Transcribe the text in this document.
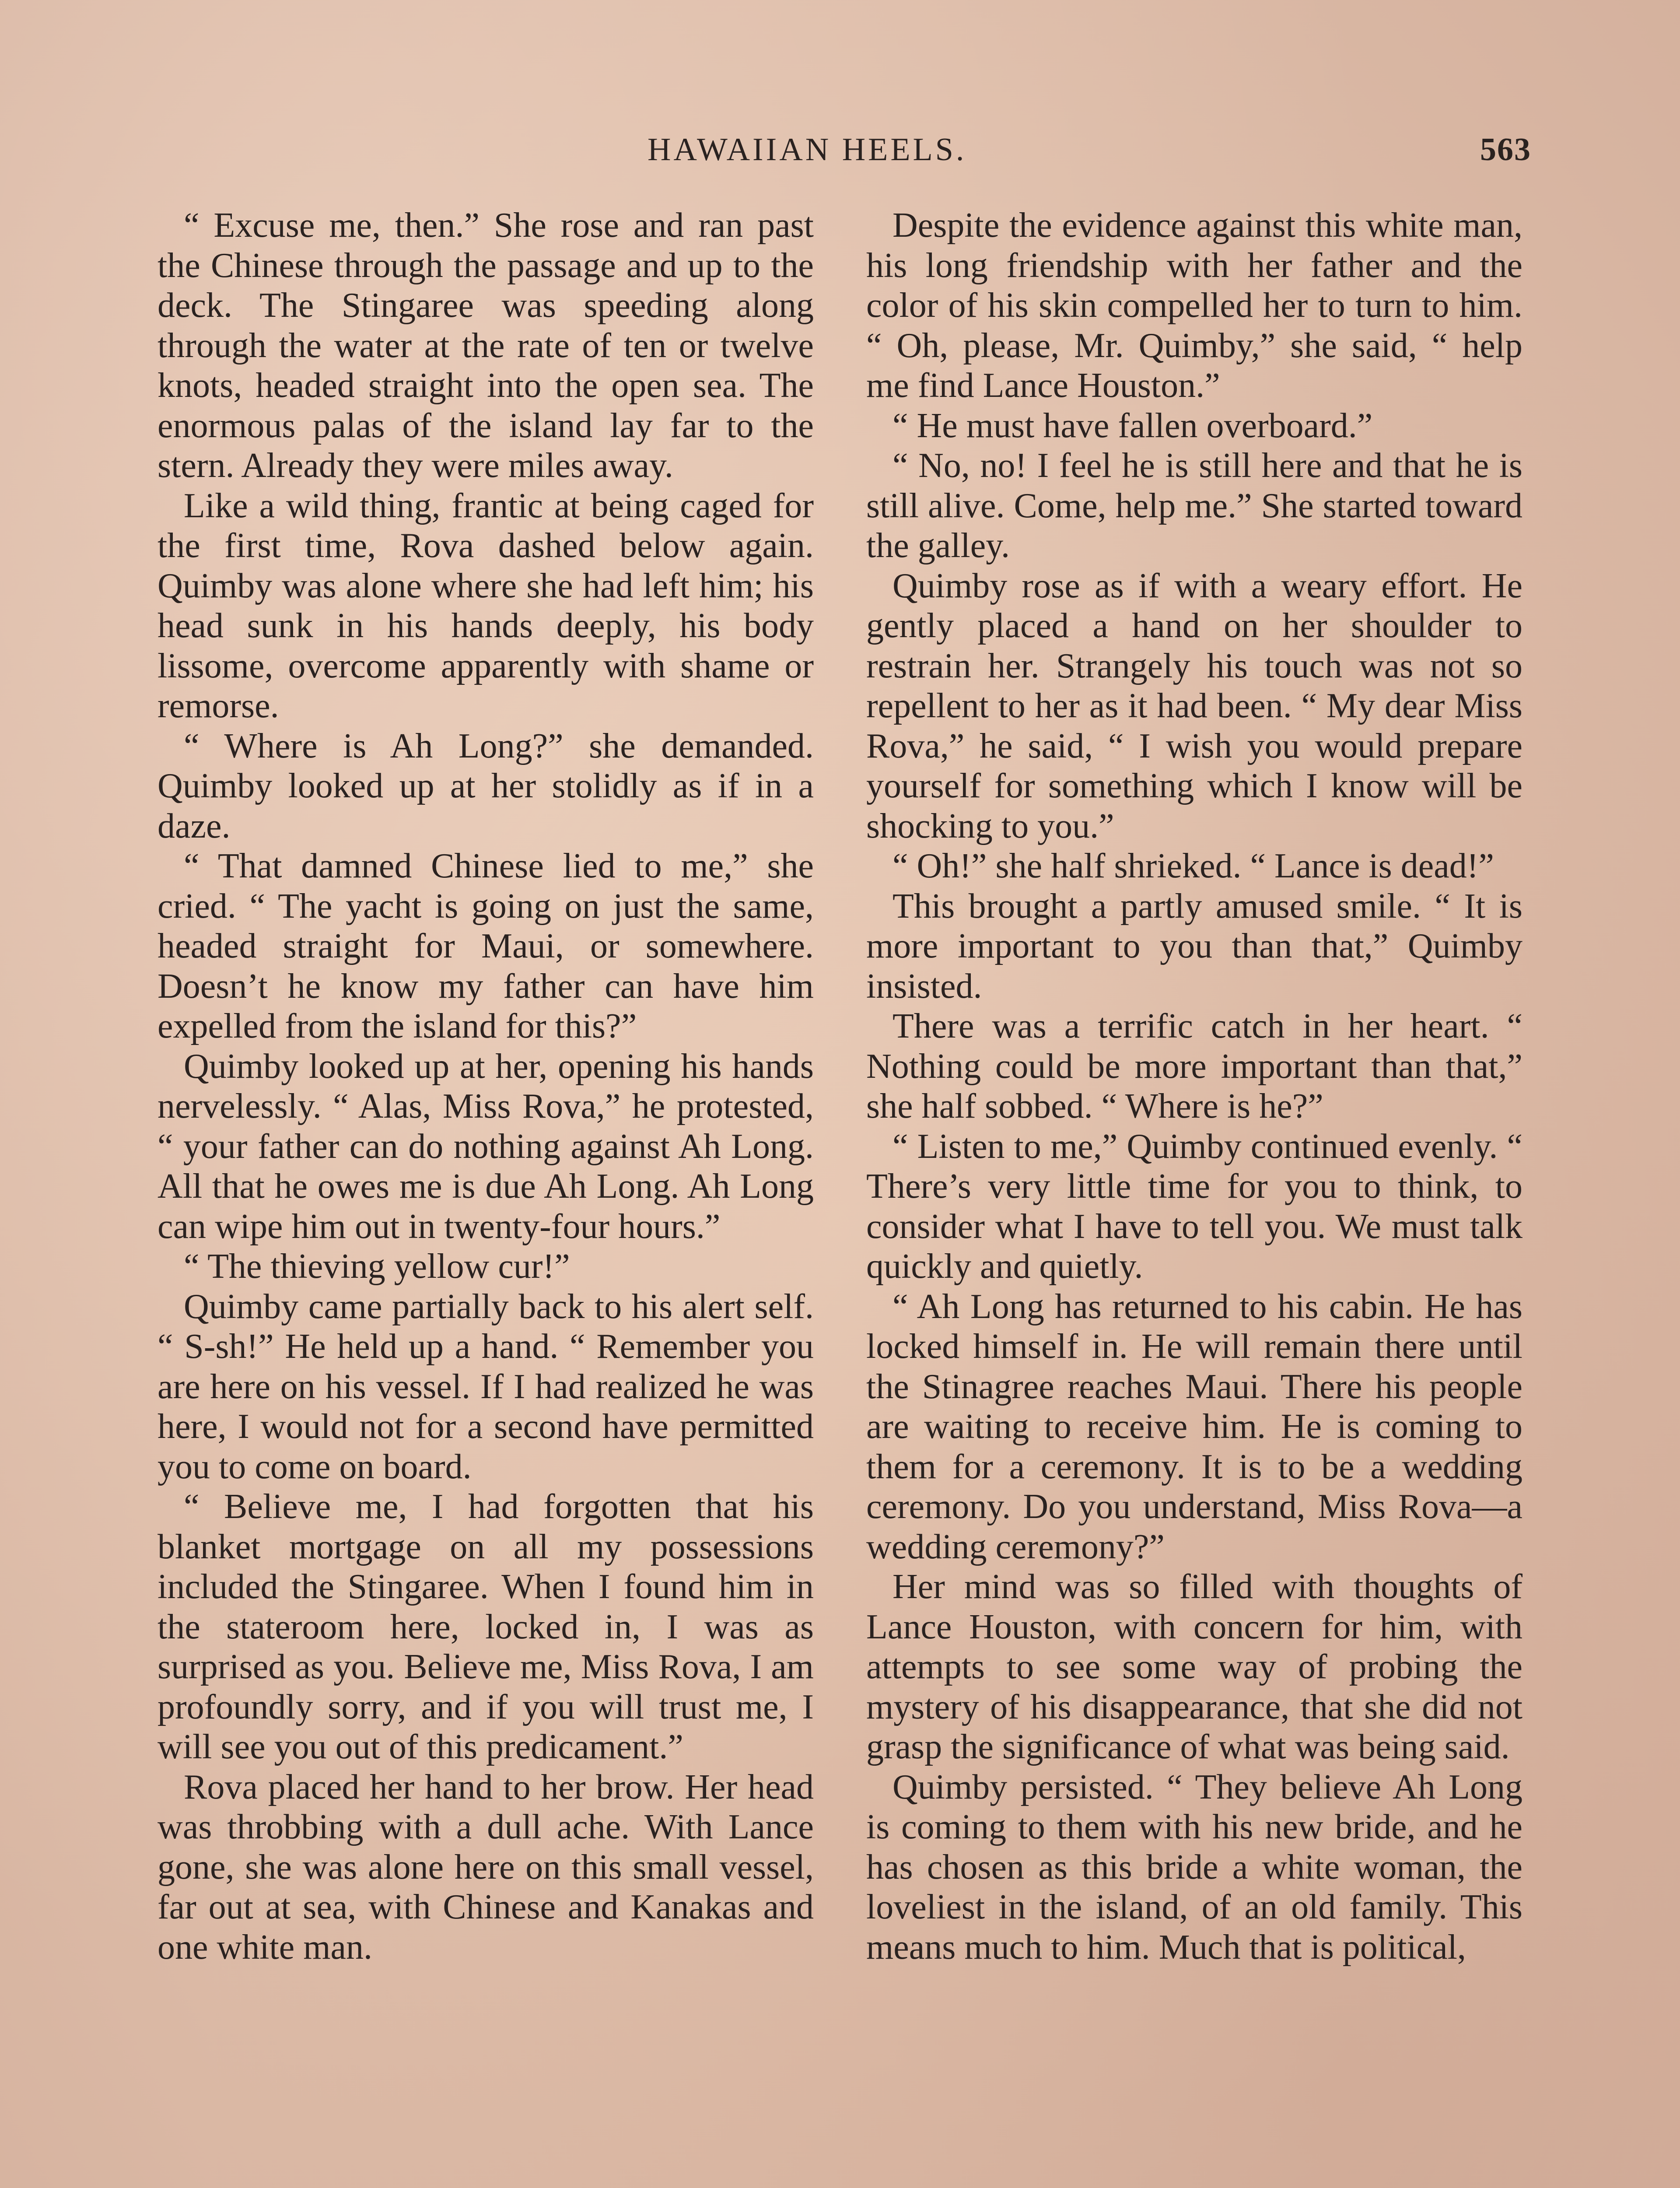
HAWAIIAN HEELS.	563

“ Excuse me, then.” She rose and ran past the Chinese through the passage and up to the deck. The Stingaree was speeding along through the water at the rate of ten or twelve knots, headed straight into the open sea. The enormous palas of the island lay far to the stern. Already they were miles away.

Like a wild thing, frantic at being caged for the first time, Rova dashed below again. Quimby was alone where she had left him; his head sunk in his hands deeply, his body lissome, overcome apparently with shame or remorse.

“ Where is Ah Long?” she demanded. Quimby looked up at her stolidly as if in a daze.

“ That damned Chinese lied to me,” she cried. “ The yacht is going on just the same, headed straight for Maui, or somewhere. Doesn’t he know my father can have him expelled from the island for this?”

Quimby looked up at her, opening his hands nervelessly. “ Alas, Miss Rova,” he protested, “ your father can do nothing against Ah Long. All that he owes me is due Ah Long. Ah Long can wipe him out in twenty-four hours.”

“ The thieving yellow cur!”

Quimby came partially back to his alert self. “ S-sh!” He held up a hand. “ Remember you are here on his vessel. If I had realized he was here, I would not for a second have permitted you to come on board.

“ Believe me, I had forgotten that his blanket mortgage on all my possessions included the Stingaree. When I found him in the stateroom here, locked in, I was as surprised as you. Believe me, Miss Rova, I am profoundly sorry, and if you will trust me, I will see you out of this predicament.”

Rova placed her hand to her brow. Her head was throbbing with a dull ache. With Lance gone, she was alone here on this small vessel, far out at sea, with Chinese and Kanakas and one white man.

Despite the evidence against this white man, his long friendship with her father and the color of his skin compelled her to turn to him. “ Oh, please, Mr. Quimby,” she said, “ help me find Lance Houston.”

“ He must have fallen overboard.”

“ No, no! I feel he is still here and that he is still alive. Come, help me.” She started toward the galley.

Quimby rose as if with a weary effort. He gently placed a hand on her shoulder to restrain her. Strangely his touch was not so repellent to her as it had been. “ My dear Miss Rova,” he said, “ I wish you would prepare yourself for something which I know will be shocking to you.”

“ Oh!” she half shrieked. “ Lance is dead!”

This brought a partly amused smile. “ It is more important to you than that,” Quimby insisted.

There was a terrific catch in her heart. “ Nothing could be more important than that,” she half sobbed. “ Where is he?”

“ Listen to me,” Quimby continued evenly. “ There’s very little time for you to think, to consider what I have to tell you. We must talk quickly and quietly.

“ Ah Long has returned to his cabin. He has locked himself in. He will remain there until the Stinagree reaches Maui. There his people are waiting to receive him. He is coming to them for a ceremony. It is to be a wedding ceremony. Do you understand, Miss Rova—a wedding ceremony?”

Her mind was so filled with thoughts of Lance Houston, with concern for him, with attempts to see some way of probing the mystery of his disappearance, that she did not grasp the significance of what was being said.

Quimby persisted. “ They believe Ah Long is coming to them with his new bride, and he has chosen as this bride a white woman, the loveliest in the island, of an old family. This means much to him. Much that is political,
